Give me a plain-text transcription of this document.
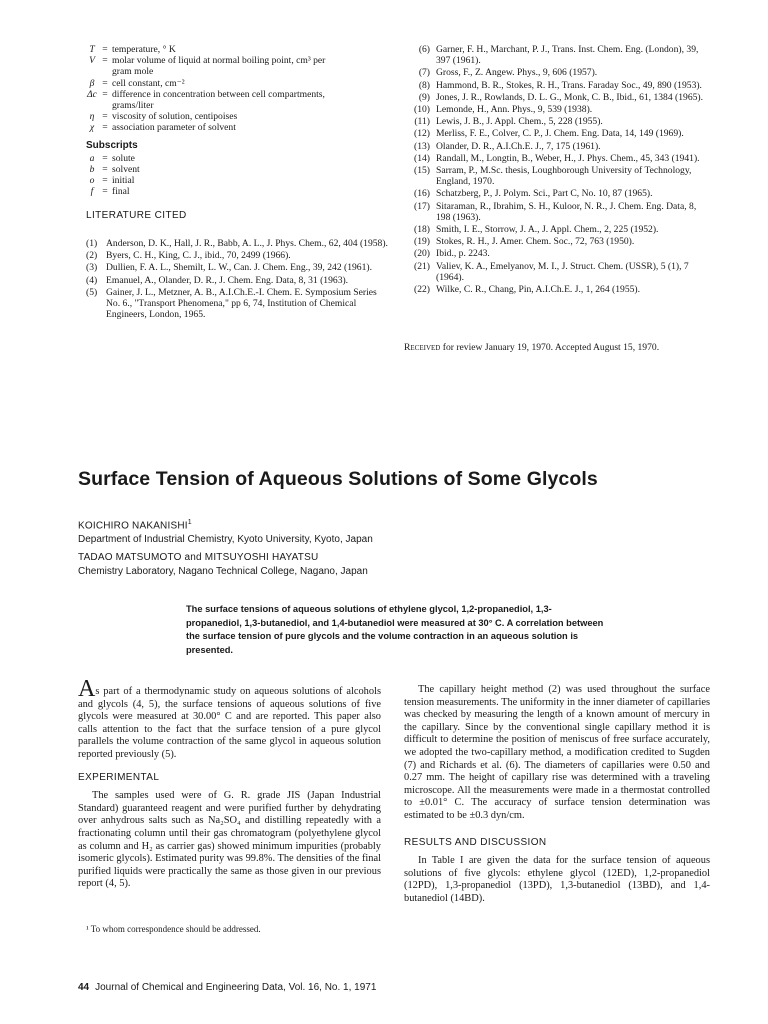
T = temperature, ° K
V = molar volume of liquid at normal boiling point, cm³ per
gram mole
β = cell constant, cm⁻²
Δc = difference in concentration between cell compartments,
grams/liter
η = viscosity of solution, centipoises
χ = association parameter of solvent
Subscripts
a = solute
b = solvent
o = initial
f = final
LITERATURE CITED
(1) Anderson, D. K., Hall, J. R., Babb, A. L., J. Phys. Chem., 62, 404 (1958).
(2) Byers, C. H., King, C. J., ibid., 70, 2499 (1966).
(3) Dullien, F. A. L., Shemilt, L. W., Can. J. Chem. Eng., 39, 242 (1961).
(4) Emanuel, A., Olander, D. R., J. Chem. Eng. Data, 8, 31 (1963).
(5) Gainer, J. L., Metzner, A. B., A.I.Ch.E.-I. Chem. E. Symposium Series No. 6., "Transport Phenomena," pp 6, 74, Institution of Chemical Engineers, London, 1965.
(6) Garner, F. H., Marchant, P. J., Trans. Inst. Chem. Eng. (London), 39, 397 (1961).
(7) Gross, F., Z. Angew. Phys., 9, 606 (1957).
(8) Hammond, B. R., Stokes, R. H., Trans. Faraday Soc., 49, 890 (1953).
(9) Jones, J. R., Rowlands, D. L. G., Monk, C. B., Ibid., 61, 1384 (1965).
(10) Lemonde, H., Ann. Phys., 9, 539 (1938).
(11) Lewis, J. B., J. Appl. Chem., 5, 228 (1955).
(12) Merliss, F. E., Colver, C. P., J. Chem. Eng. Data, 14, 149 (1969).
(13) Olander, D. R., A.I.Ch.E. J., 7, 175 (1961).
(14) Randall, M., Longtin, B., Weber, H., J. Phys. Chem., 45, 343 (1941).
(15) Sarram, P., M.Sc. thesis, Loughborough University of Technology, England, 1970.
(16) Schatzberg, P., J. Polym. Sci., Part C, No. 10, 87 (1965).
(17) Sitaraman, R., Ibrahim, S. H., Kuloor, N. R., J. Chem. Eng. Data, 8, 198 (1963).
(18) Smith, I. E., Storrow, J. A., J. Appl. Chem., 2, 225 (1952).
(19) Stokes, R. H., J. Amer. Chem. Soc., 72, 763 (1950).
(20) Ibid., p. 2243.
(21) Valiev, K. A., Emelyanov, M. I., J. Struct. Chem. (USSR), 5 (1), 7 (1964).
(22) Wilke, C. R., Chang, Pin, A.I.Ch.E. J., 1, 264 (1955).
Received for review January 19, 1970. Accepted August 15, 1970.
Surface Tension of Aqueous Solutions of Some Glycols
KOICHIRO NAKANISHI$^1$
Department of Industrial Chemistry, Kyoto University, Kyoto, Japan
TADAO MATSUMOTO and MITSUYOSHI HAYATSU
Chemistry Laboratory, Nagano Technical College, Nagano, Japan
The surface tensions of aqueous solutions of ethylene glycol, 1,2-propanediol, 1,3-propanediol, 1,3-butanediol, and 1,4-butanediol were measured at 30° C. A correlation between the surface tension of pure glycols and the volume contraction in an aqueous solution is presented.

As part of a thermodynamic study on aqueous solutions of alcohols and glycols (4, 5), the surface tensions of aqueous solutions of five glycols were measured at 30.00° C and are reported. This paper also calls attention to the fact that the surface tension of a pure glycol parallels the volume contraction of the same glycol in aqueous solution reported previously (5).

EXPERIMENTAL

The samples used were of G. R. grade JIS (Japan Industrial Standard) guaranteed reagent and were purified further by dehydrating over anhydrous salts such as Na₂SO₄ and distilling repeatedly with a fractionating column until their gas chromatogram (polyethylene glycol as column and H₂ as carrier gas) showed minimum impurities (probably isomeric glycols). Estimated purity was 99.8%. The densities of the final purified liquids were practically the same as those given in our previous report (4, 5).

¹ To whom correspondence should be addressed.

The capillary height method (2) was used throughout the surface tension measurements. The uniformity in the inner diameter of capillaries was checked by measuring the length of a known amount of mercury in the capillary. Since by the conventional single capillary method it is difficult to determine the position of meniscus of free surface accurately, we adopted the two-capillary method, a modification credited to Sugden (7) and Richards et al. (6). The diameters of capillaries were 0.50 and 0.27 mm. The height of capillary rise was determined with a traveling microscope. All the measurements were made in a thermostat controlled to ±0.01° C. The accuracy of surface tension determination was estimated to be ±0.3 dyn/cm.

RESULTS AND DISCUSSION

In Table I are given the data for the surface tension of aqueous solutions of five glycols: ethylene glycol (12ED), 1,2-propanediol (12PD), 1,3-propanediol (13PD), 1,3-butanediol (13BD), and 1,4-butanediol (14BD).

44 Journal of Chemical and Engineering Data, Vol. 16, No. 1, 1971
